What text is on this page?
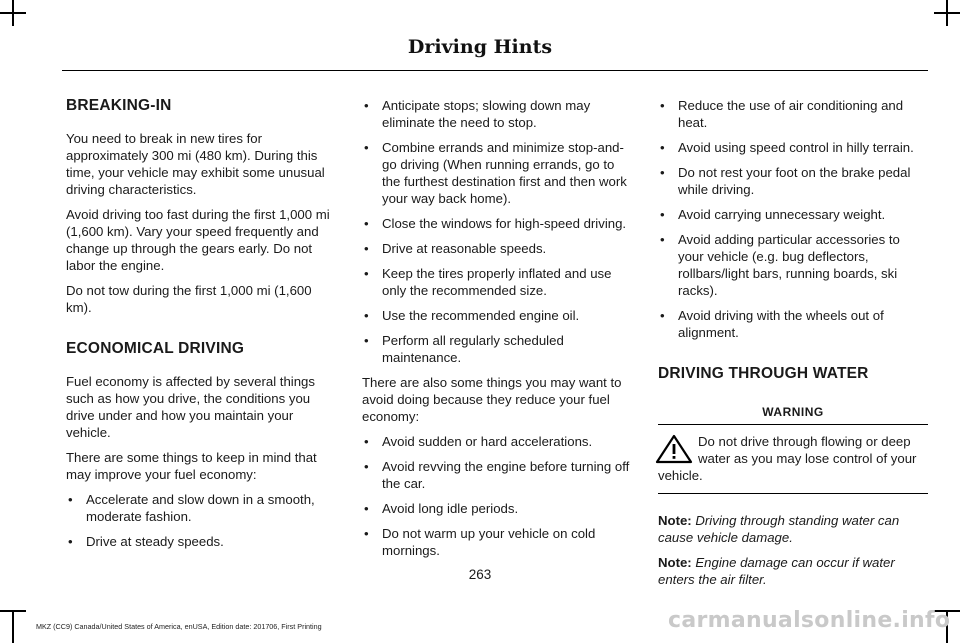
Driving Hints
BREAKING-IN

You need to break in new tires for approximately 300 mi (480 km). During this time, your vehicle may exhibit some unusual driving characteristics.

Avoid driving too fast during the first 1,000 mi (1,600 km). Vary your speed frequently and change up through the gears early. Do not labor the engine.

Do not tow during the first 1,000 mi (1,600 km).

ECONOMICAL DRIVING

Fuel economy is affected by several things such as how you drive, the conditions you drive under and how you maintain your vehicle.

There are some things to keep in mind that may improve your fuel economy:

• Accelerate and slow down in a smooth, moderate fashion.
• Drive at steady speeds.
• Anticipate stops; slowing down may eliminate the need to stop.
• Combine errands and minimize stop-and-go driving (When running errands, go to the furthest destination first and then work your way back home).
• Close the windows for high-speed driving.
• Drive at reasonable speeds.
• Keep the tires properly inflated and use only the recommended size.
• Use the recommended engine oil.
• Perform all regularly scheduled maintenance.

There are also some things you may want to avoid doing because they reduce your fuel economy:

• Avoid sudden or hard accelerations.
• Avoid revving the engine before turning off the car.
• Avoid long idle periods.
• Do not warm up your vehicle on cold mornings.
• Reduce the use of air conditioning and heat.
• Avoid using speed control in hilly terrain.
• Do not rest your foot on the brake pedal while driving.
• Avoid carrying unnecessary weight.
• Avoid adding particular accessories to your vehicle (e.g. bug deflectors, rollbars/light bars, running boards, ski racks).
• Avoid driving with the wheels out of alignment.
DRIVING THROUGH WATER
WARNING
Do not drive through flowing or deep water as you may lose control of your vehicle.

Note: Driving through standing water can cause vehicle damage.

Note: Engine damage can occur if water enters the air filter.

263
MKZ (CC9) Canada/United States of America, enUSA, Edition date: 201706, First Printing	carmanualsonline.info
